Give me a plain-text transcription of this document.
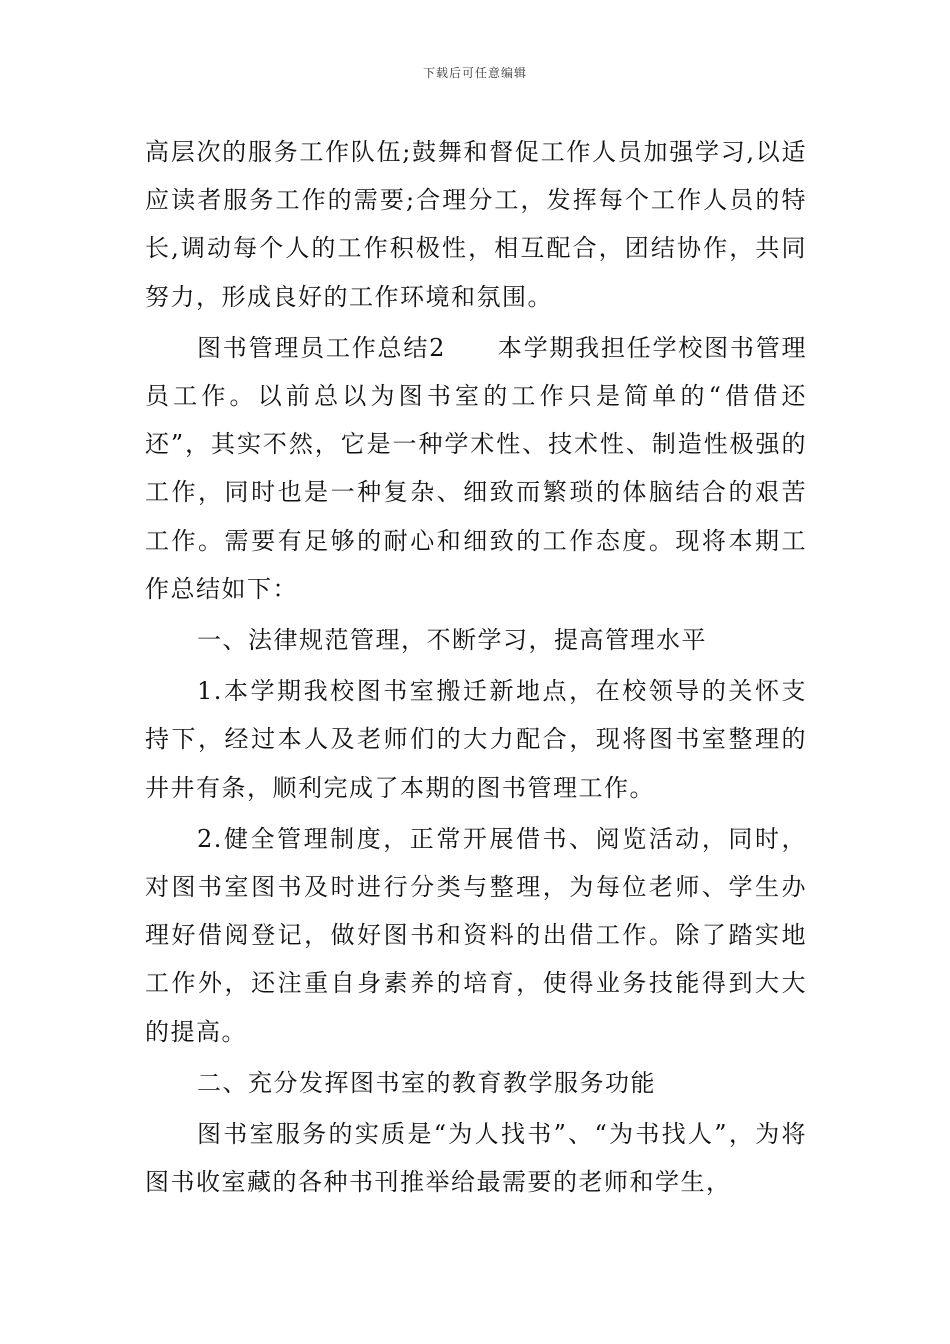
下载后可任意编辑

高层次的服务工作队伍;鼓舞和督促工作人员加强学习,以适应读者服务工作的需要;合理分工，发挥每个工作人员的特长,调动每个人的工作积极性，相互配合，团结协作，共同努力，形成良好的工作环境和氛围。

图书管理员工作总结2　　本学期我担任学校图书管理员工作。以前总以为图书室的工作只是简单的“借借还还”，其实不然，它是一种学术性、技术性、制造性极强的工作，同时也是一种复杂、细致而繁琐的体脑结合的艰苦工作。需要有足够的耐心和细致的工作态度。现将本期工作总结如下：

一、法律规范管理，不断学习，提高管理水平

1.本学期我校图书室搬迁新地点，在校领导的关怀支持下，经过本人及老师们的大力配合，现将图书室整理的井井有条，顺利完成了本期的图书管理工作。

2.健全管理制度，正常开展借书、阅览活动，同时，对图书室图书及时进行分类与整理，为每位老师、学生办理好借阅登记，做好图书和资料的出借工作。除了踏实地工作外，还注重自身素养的培育，使得业务技能得到大大的提高。

二、充分发挥图书室的教育教学服务功能

图书室服务的实质是“为人找书”、“为书找人”，为将图书收室藏的各种书刊推举给最需要的老师和学生，
